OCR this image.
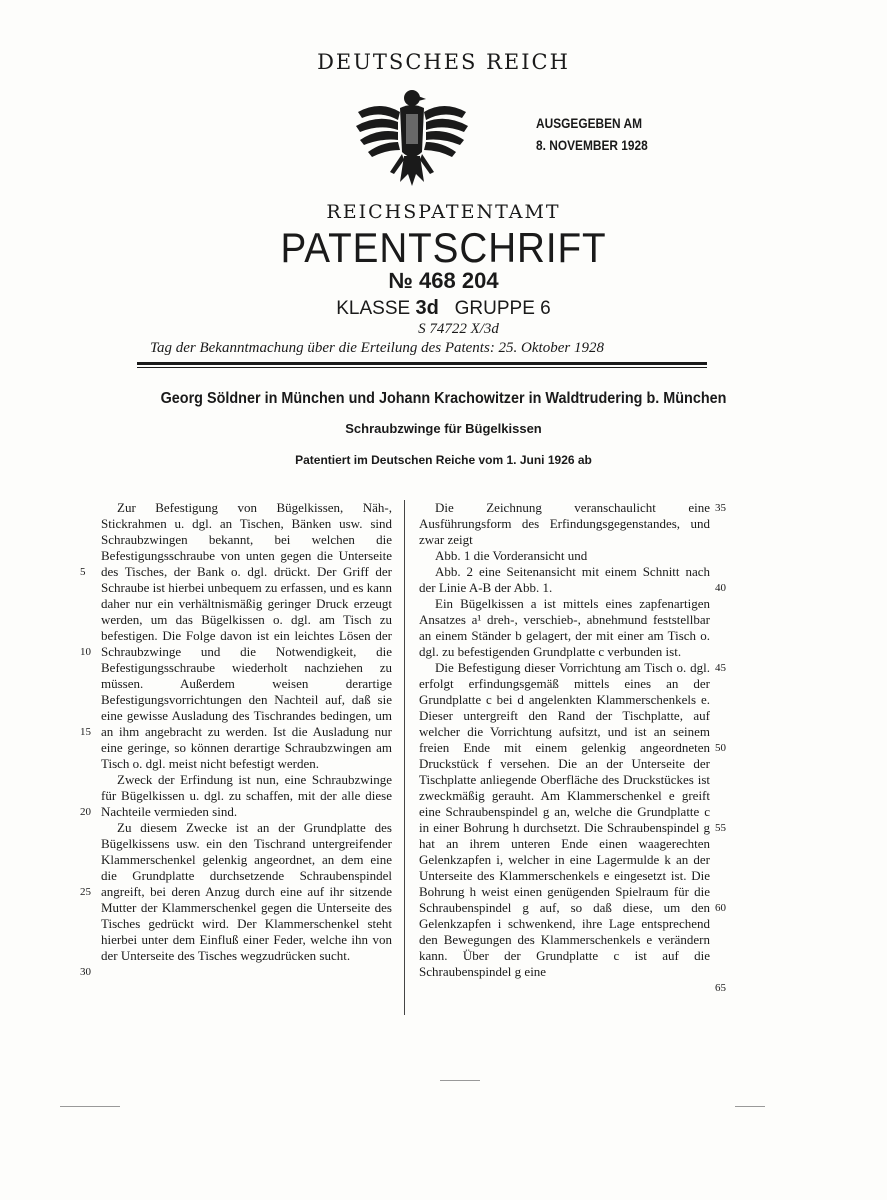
DEUTSCHES REICH
AUSGEGEBEN AM
8. NOVEMBER 1928
REICHSPATENTAMT
PATENTSCHRIFT
№ 468 204
KLASSE 3d GRUPPE 6
S 74722 X/3d
Tag der Bekanntmachung über die Erteilung des Patents: 25. Oktober 1928
Georg Söldner in München und Johann Krachowitzer in Waldtrudering b. München
Schraubzwinge für Bügelkissen
Patentiert im Deutschen Reiche vom 1. Juni 1926 ab

Zur Befestigung von Bügelkissen, Näh-, Stickrahmen u. dgl. an Tischen, Bänken usw. sind Schraubzwingen bekannt, bei welchen die Befestigungsschraube von unten gegen die Unterseite des Tisches, der Bank o. dgl. drückt. Der Griff der Schraube ist hierbei unbequem zu erfassen, und es kann daher nur ein verhältnismäßig geringer Druck erzeugt werden, um das Bügelkissen o. dgl. am Tisch zu befestigen. Die Folge davon ist ein leichtes Lösen der Schraubzwinge und die Notwendigkeit, die Befestigungsschraube wiederholt nachziehen zu müssen. Außerdem weisen derartige Befestigungsvorrichtungen den Nachteil auf, daß sie eine gewisse Ausladung des Tischrandes bedingen, um an ihm angebracht zu werden. Ist die Ausladung nur eine geringe, so können derartige Schraubzwingen am Tisch o. dgl. meist nicht befestigt werden.

Zweck der Erfindung ist nun, eine Schraubzwinge für Bügelkissen u. dgl. zu schaffen, mit der alle diese Nachteile vermieden sind.

Zu diesem Zwecke ist an der Grundplatte des Bügelkissens usw. ein den Tischrand untergreifender Klammerschenkel gelenkig angeordnet, an dem eine die Grundplatte durchsetzende Schraubenspindel angreift, bei deren Anzug durch eine auf ihr sitzende Mutter der Klammerschenkel gegen die Unterseite des Tisches gedrückt wird. Der Klammerschenkel steht hierbei unter dem Einfluß einer Feder, welche ihn von der Unterseite des Tisches wegzudrücken sucht.

Die Zeichnung veranschaulicht eine Ausführungsform des Erfindungsgegenstandes, und zwar zeigt

Abb. 1 die Vorderansicht und

Abb. 2 eine Seitenansicht mit einem Schnitt nach der Linie A-B der Abb. 1.

Ein Bügelkissen a ist mittels eines zapfenartigen Ansatzes a¹ dreh-, verschieb-, abnehmund feststellbar an einem Ständer b gelagert, der mit einer am Tisch o. dgl. zu befestigenden Grundplatte c verbunden ist.

Die Befestigung dieser Vorrichtung am Tisch o. dgl. erfolgt erfindungsgemäß mittels eines an der Grundplatte c bei d angelenkten Klammerschenkels e. Dieser untergreift den Rand der Tischplatte, auf welcher die Vorrichtung aufsitzt, und ist an seinem freien Ende mit einem gelenkig angeordneten Druckstück f versehen. Die an der Unterseite der Tischplatte anliegende Oberfläche des Druckstückes ist zweckmäßig gerauht. Am Klammerschenkel e greift eine Schraubenspindel g an, welche die Grundplatte c in einer Bohrung h durchsetzt. Die Schraubenspindel g hat an ihrem unteren Ende einen waagerechten Gelenkzapfen i, welcher in eine Lagermulde k an der Unterseite des Klammerschenkels e eingesetzt ist. Die Bohrung h weist einen genügenden Spielraum für die Schraubenspindel g auf, so daß diese, um den Gelenkzapfen i schwenkend, ihre Lage entsprechend den Bewegungen des Klammerschenkels e verändern kann. Über der Grundplatte c ist auf die Schraubenspindel g eine

5
10
15
20
25
30
35
40
45
50
55
60
65
